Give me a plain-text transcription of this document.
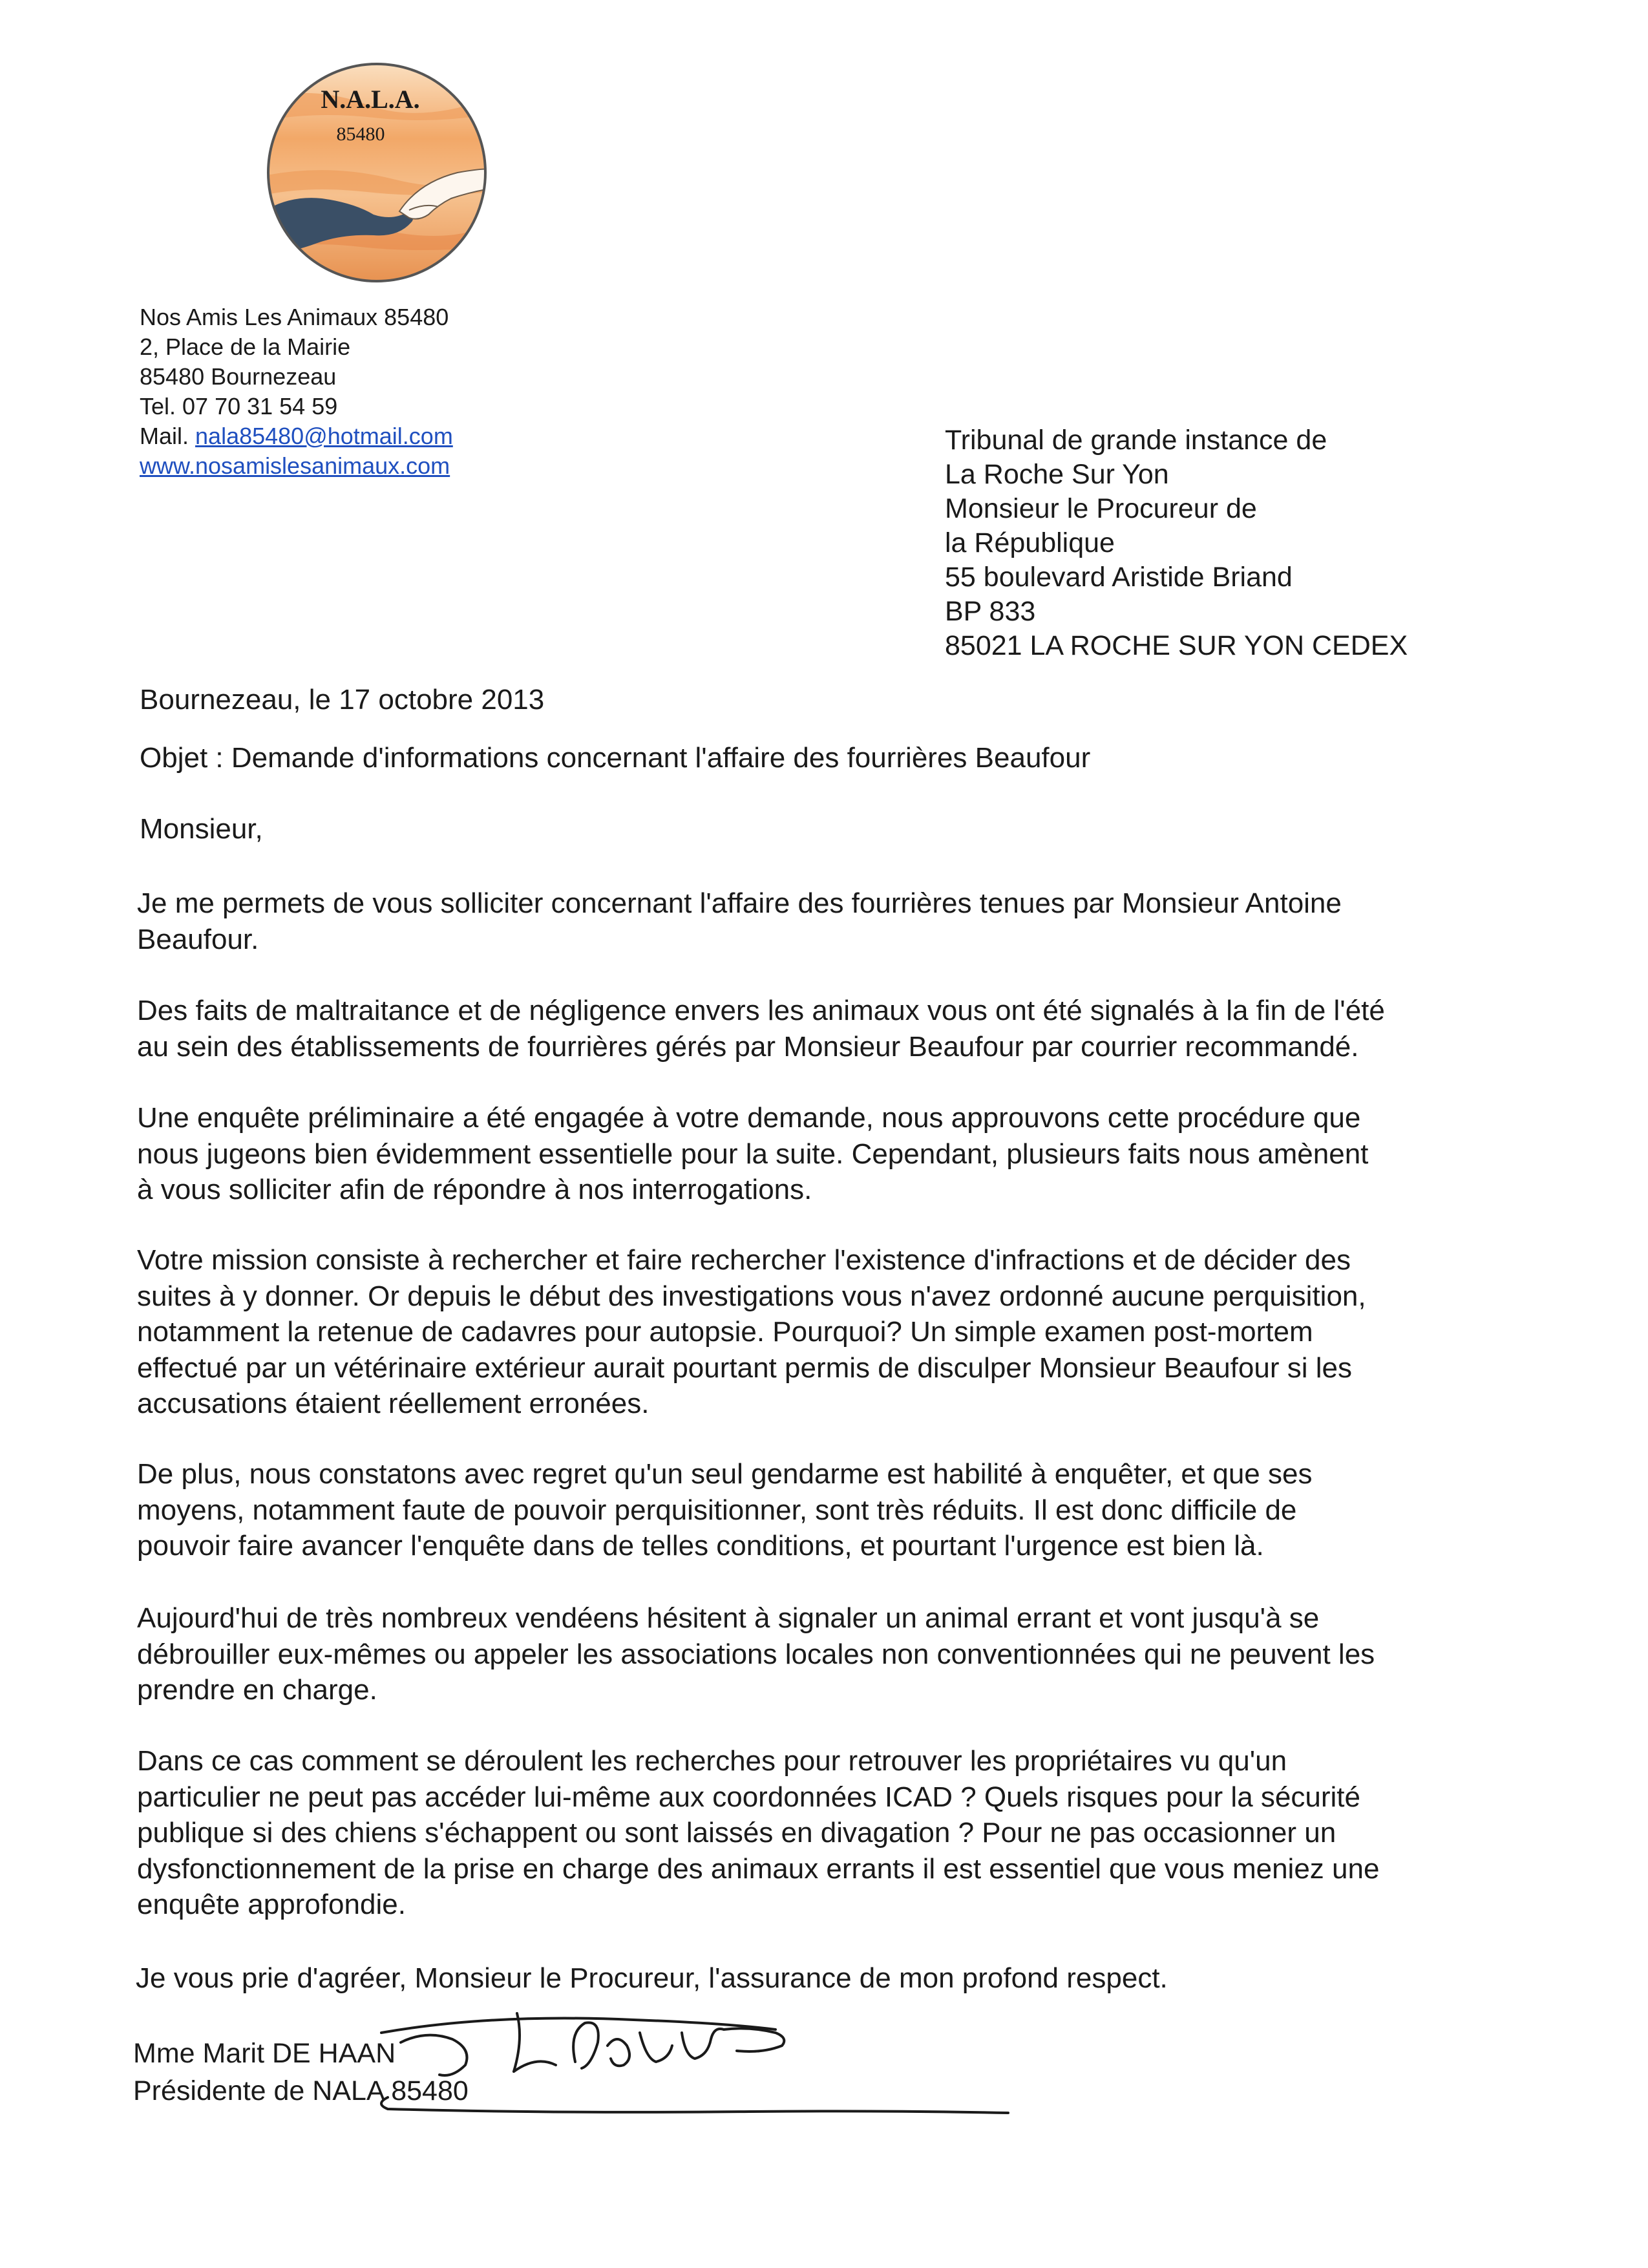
N.A.L.A.
85480
Nos Amis Les Animaux 85480
2, Place de la Mairie
85480 Bournezeau
Tel. 07 70 31 54 59
Mail. nala85480@hotmail.com
www.nosamislesanimaux.com
Tribunal de grande instance de
La Roche Sur Yon
Monsieur le Procureur de
la République
55 boulevard Aristide Briand
BP 833
85021 LA ROCHE SUR YON CEDEX
Bournezeau, le 17 octobre 2013
Objet : Demande d'informations concernant l'affaire des fourrières Beaufour
Monsieur,
Je me permets de vous solliciter concernant l'affaire des fourrières tenues par Monsieur Antoine
Beaufour.
Des faits de maltraitance et de négligence envers les animaux vous ont été signalés à la fin de l'été
au sein des établissements de fourrières gérés par Monsieur Beaufour par courrier recommandé.
Une enquête préliminaire a été engagée à votre demande, nous approuvons cette procédure que
nous jugeons bien évidemment essentielle pour la suite. Cependant, plusieurs faits nous amènent
à vous solliciter afin de répondre à nos interrogations.
Votre mission consiste à rechercher et faire rechercher l'existence d'infractions et de décider des
suites à y donner. Or depuis le début des investigations vous n'avez ordonné aucune perquisition,
notamment la retenue de cadavres pour autopsie. Pourquoi? Un simple examen post-mortem
effectué par un vétérinaire extérieur aurait pourtant permis de disculper Monsieur Beaufour si les
accusations étaient réellement erronées.
De plus, nous constatons avec regret qu'un seul gendarme est habilité à enquêter, et que ses
moyens, notamment faute de pouvoir perquisitionner, sont très réduits. Il est donc difficile de
pouvoir faire avancer l'enquête dans de telles conditions, et pourtant l'urgence est bien là.
Aujourd'hui de très nombreux vendéens hésitent à signaler un animal errant et vont jusqu'à se
débrouiller eux-mêmes ou appeler les associations locales non conventionnées qui ne peuvent les
prendre en charge.
Dans ce cas comment se déroulent les recherches pour retrouver les propriétaires vu qu'un
particulier ne peut pas accéder lui-même aux coordonnées ICAD ? Quels risques pour la sécurité
publique si des chiens s'échappent ou sont laissés en divagation ? Pour ne pas occasionner un
dysfonctionnement de la prise en charge des animaux errants il est essentiel que vous meniez une
enquête approfondie.
Je vous prie d'agréer, Monsieur le Procureur, l'assurance de mon profond respect.
Mme Marit DE HAAN
Présidente de NALA 85480
